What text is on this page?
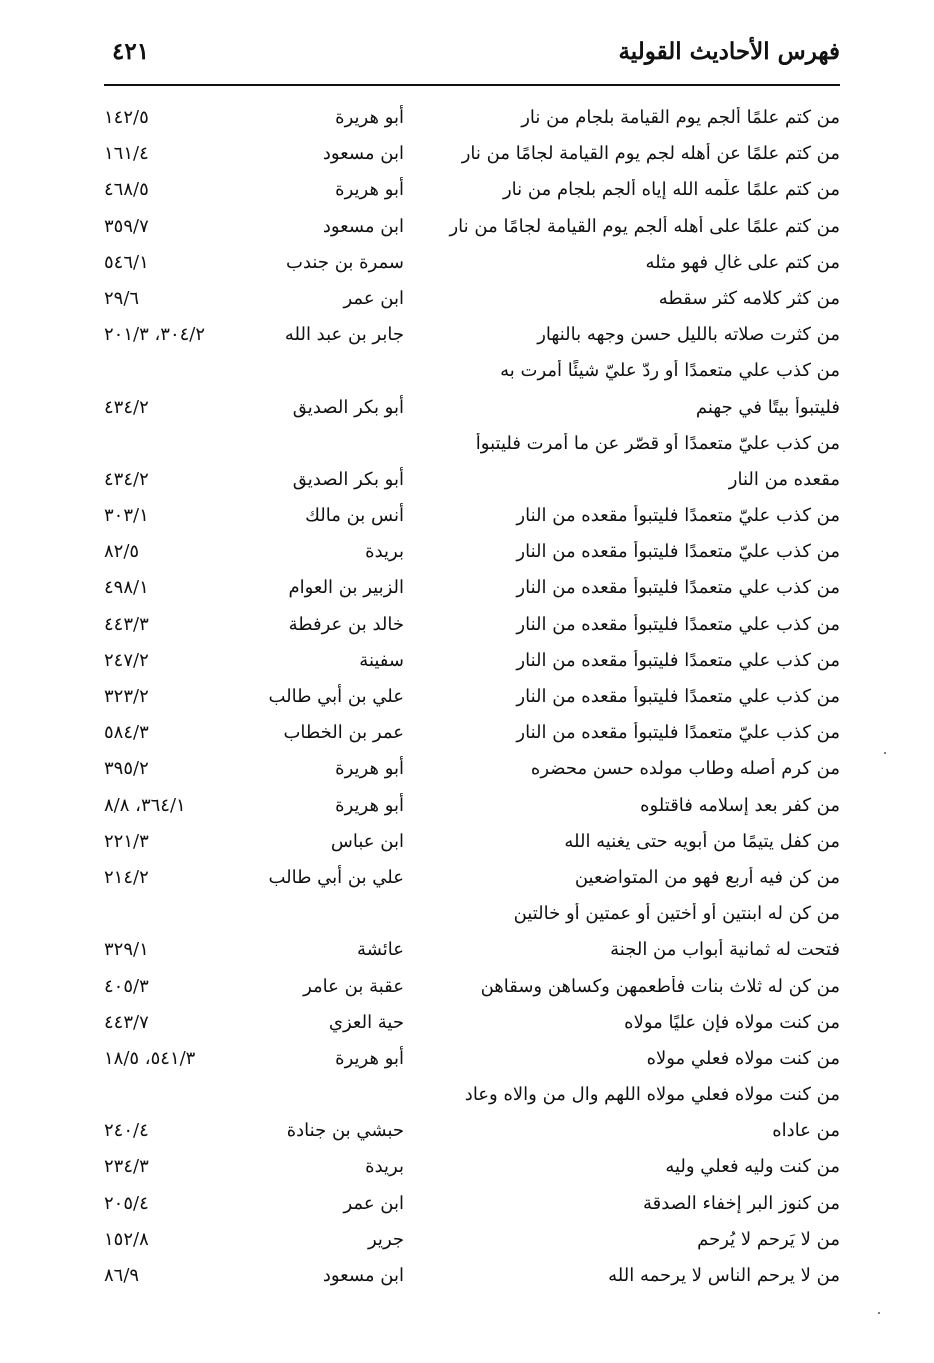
فهرس الأحاديث القولية
٤٢١
من كتم علمًا أُلجم يوم القيامة بلجام من نار
أبو هريرة
١٤٢/٥
من كتم علمًا عن أهله لجم يوم القيامة لجامًا من نار
ابن مسعود
١٦١/٤
من كتم علمًا علّمه الله إياه ألجم بلجام من نار
أبو هريرة
٤٦٨/٥
من كتم علمًا على أهله أُلجم يوم القيامة لجامًا من نار
ابن مسعود
٣٥٩/٧
من كتم على غالٍ فهو مثله
سمرة بن جندب
٥٤٦/١
من كثر كلامه كثر سقطه
ابن عمر
٢٩/٦
من كثرت صلاته بالليل حسن وجهه بالنهار
جابر بن عبد الله
٣٠٤/٢، ٢٠١/٣
من كذب علي متعمدًا أو ردّ عليّ شيئًا أمرت به
فليتبوأ بيتًا في جهنم
أبو بكر الصديق
٤٣٤/٢
من كذب عليّ متعمدًا أو قصّر عن ما أمرت فليتبوأ
مقعده من النار
أبو بكر الصديق
٤٣٤/٢
من كذب عليّ متعمدًا فليتبوأ مقعده من النار
أنس بن مالك
٣٠٣/١
من كذب عليّ متعمدًا فليتبوأ مقعده من النار
بريدة
٨٢/٥
من كذب علي متعمدًا فليتبوأ مقعده من النار
الزبير بن العوام
٤٩٨/١
من كذب علي متعمدًا فليتبوأ مقعده من النار
خالد بن عرفطة
٤٤٣/٣
من كذب علي متعمدًا فليتبوأ مقعده من النار
سفينة
٢٤٧/٢
من كذب علي متعمدًا فليتبوأ مقعده من النار
علي بن أبي طالب
٣٢٣/٢
من كذب عليّ متعمدًا فليتبوأ مقعده من النار
عمر بن الخطاب
٥٨٤/٣
من كرم أصله وطاب مولده حسن محضره
أبو هريرة
٣٩٥/٢
من كفر بعد إسلامه فاقتلوه
أبو هريرة
٣٦٤/١، ٨/٨
من كفل يتيمًا من أبويه حتى يغنيه الله
ابن عباس
٢٢١/٣
من كن فيه أربع فهو من المتواضعين
علي بن أبي طالب
٢١٤/٢
من كن له ابنتين أو أختين أو عمتين أو خالتين
فتحت له ثمانية أبواب من الجنة
عائشة
٣٢٩/١
من كن له ثلاث بنات فأطعمهن وكساهن وسقاهن
عقبة بن عامر
٤٠٥/٣
من كنت مولاه فإن عليًا مولاه
حية العزي
٤٤٣/٧
من كنت مولاه فعلي مولاه
أبو هريرة
٥٤١/٣، ١٨/٥
من كنت مولاه فعلي مولاه اللهم وال من والاه وعاد
من عاداه
حبشي بن جنادة
٢٤٠/٤
من كنت وليه فعلي وليه
بريدة
٢٣٤/٣
من كنوز البر إخفاء الصدقة
ابن عمر
٢٠٥/٤
من لا يَرحم لا يُرحم
جرير
١٥٢/٨
من لا يرحم الناس لا يرحمه الله
ابن مسعود
٨٦/٩
